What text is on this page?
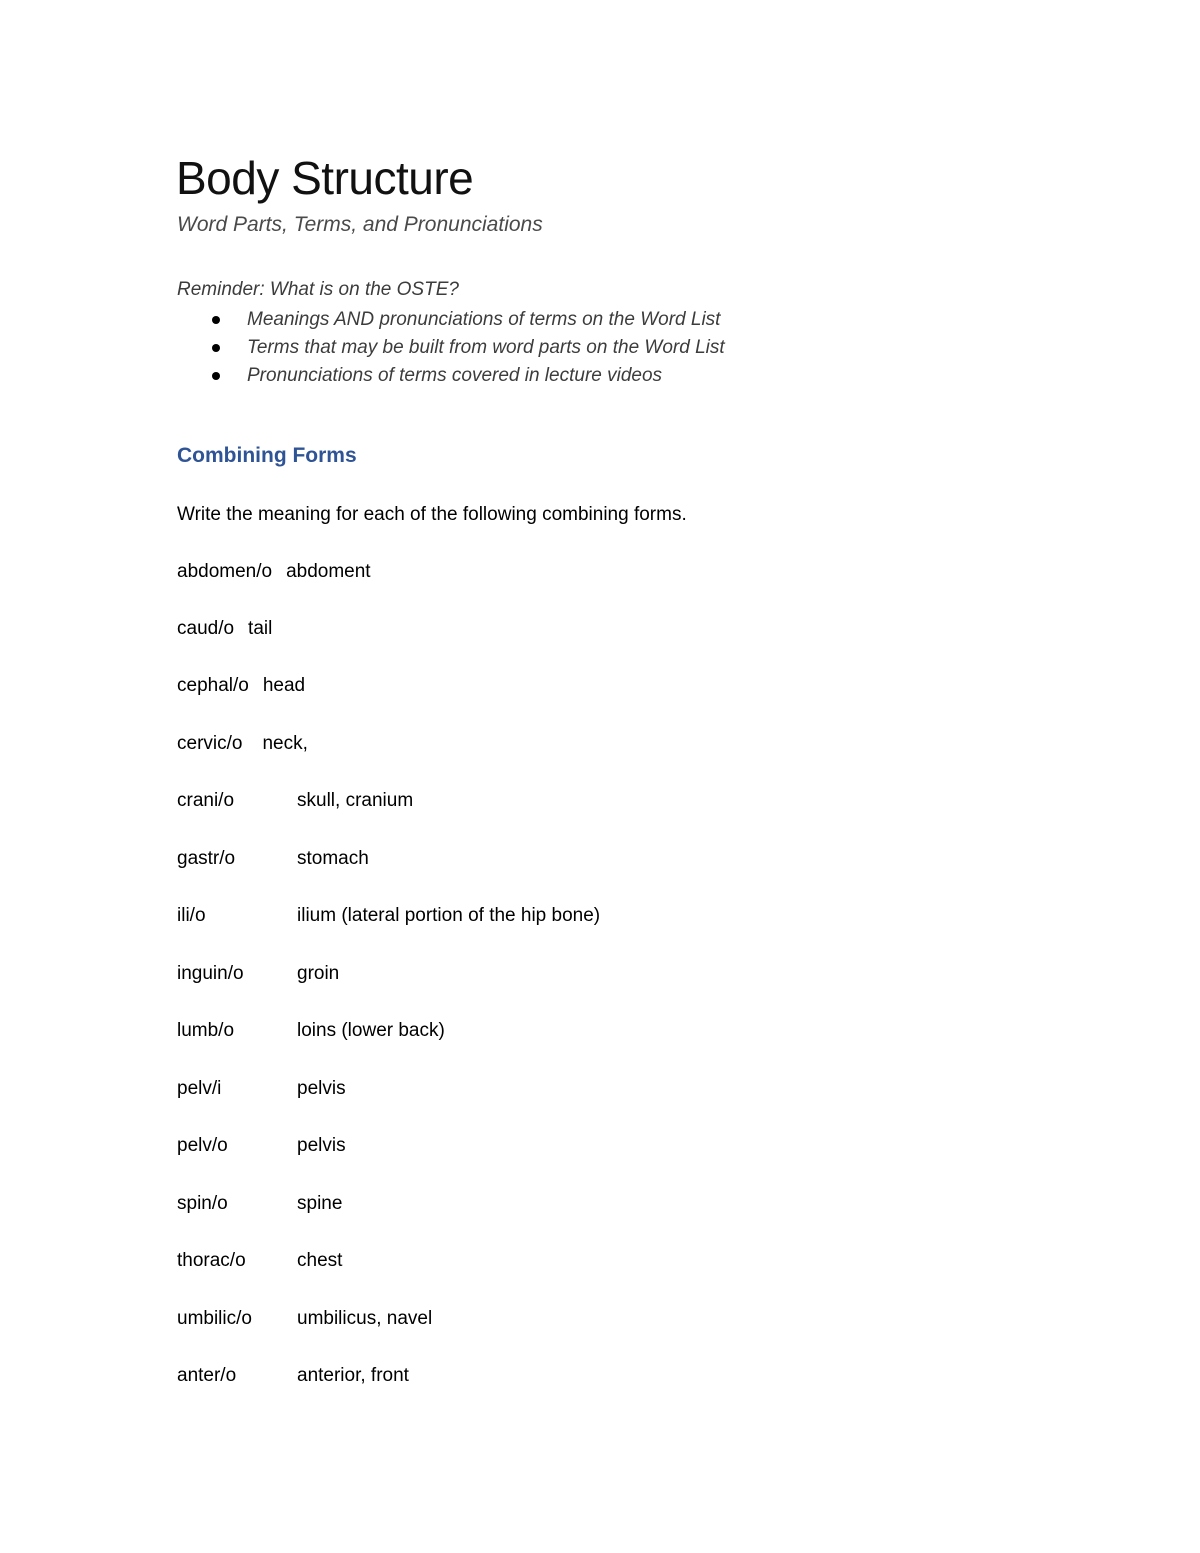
Body Structure
Word Parts, Terms, and Pronunciations
Reminder: What is on the OSTE?
Meanings AND pronunciations of terms on the Word List
Terms that may be built from word parts on the Word List
Pronunciations of terms covered in lecture videos
Combining Forms
Write the meaning for each of the following combining forms.
abdomen/o abdoment
caud/o tail
cephal/o head
cervic/o neck,
crani/o	skull, cranium
gastr/o	stomach
ili/o	ilium (lateral portion of the hip bone)
inguin/o	groin
lumb/o	loins (lower back)
pelv/i	pelvis
pelv/o	pelvis
spin/o	spine
thorac/o	chest
umbilic/o umbilicus, navel
anter/o	anterior, front
